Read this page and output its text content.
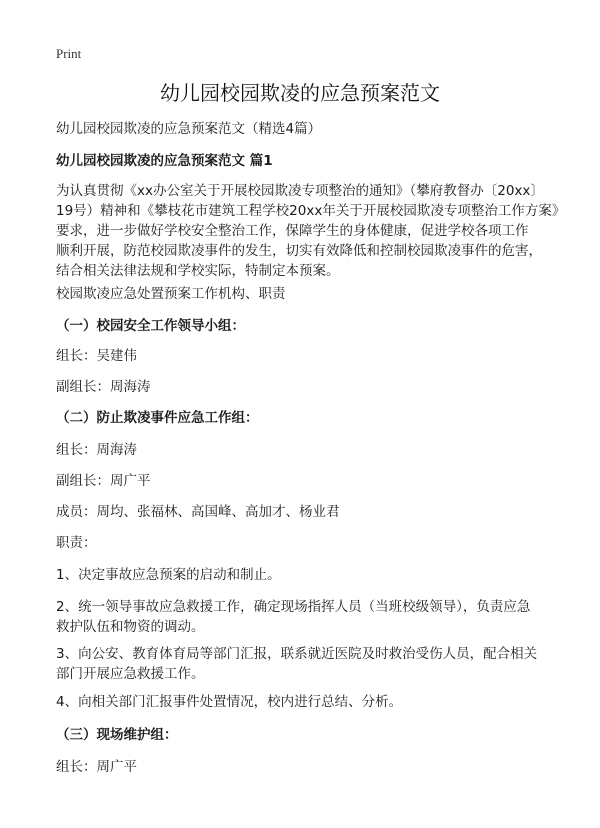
Print
幼儿园校园欺凌的应急预案范文
幼儿园校园欺凌的应急预案范文（精选4篇）
幼儿园校园欺凌的应急预案范文 篇1
为认真贯彻《xx办公室关于开展校园欺凌专项整治的通知》（攀府教督办〔20xx〕
19号）精神和《攀枝花市建筑工程学校20xx年关于开展校园欺凌专项整治工作方案》
要求，进一步做好学校安全整治工作，保障学生的身体健康，促进学校各项工作
顺利开展，防范校园欺凌事件的发生，切实有效降低和控制校园欺凌事件的危害，
结合相关法律法规和学校实际，特制定本预案。
校园欺凌应急处置预案工作机构、职责
（一）校园安全工作领导小组：
组长：吴建伟
副组长：周海涛
（二）防止欺凌事件应急工作组：
组长：周海涛
副组长：周广平
成员：周均、张福林、高国峰、高加才、杨业君
职责：
1、决定事故应急预案的启动和制止。
2、统一领导事故应急救援工作，确定现场指挥人员（当班校级领导），负责应急
救护队伍和物资的调动。
3、向公安、教育体育局等部门汇报，联系就近医院及时救治受伤人员，配合相关
部门开展应急救援工作。
4、向相关部门汇报事件处置情况，校内进行总结、分析。
（三）现场维护组：
组长：周广平
